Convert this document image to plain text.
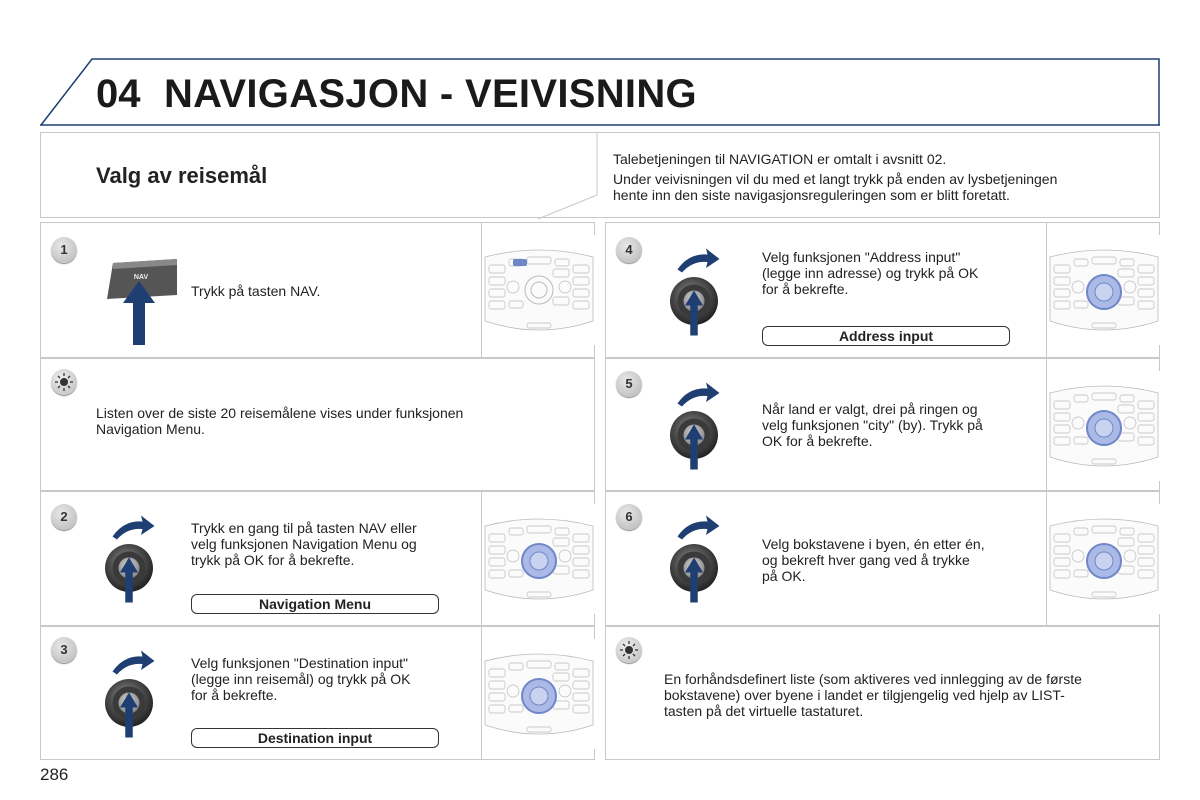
04 NAVIGASJON - VEIVISNING
Valg av reisemål
Talebetjeningen til NAVIGATION er omtalt i avsnitt 02.
Under veivisningen vil du med et langt trykk på enden av lysbetjeningen
hente inn den siste navigasjonsreguleringen som er blitt foretatt.
1
NAV
Trykk på tasten NAV.
Listen over de siste 20 reisemålene vises under funksjonen
Navigation Menu.
2
Trykk en gang til på tasten NAV eller
velg funksjonen Navigation Menu og
trykk på OK for å bekrefte.
Navigation Menu
3
Velg funksjonen "Destination input"
(legge inn reisemål) og trykk på OK
for å bekrefte.
Destination input
4	Velg funksjonen "Address input"
(legge inn adresse) og trykk på OK
for å bekrefte.
Address input
5
Når land er valgt, drei på ringen og
velg funksjonen "city" (by). Trykk på
OK for å bekrefte.
6
Velg bokstavene i byen, én etter én,
og bekreft hver gang ved å trykke
på OK.
En forhåndsdefinert liste (som aktiveres ved innlegging av de første
bokstavene) over byene i landet er tilgjengelig ved hjelp av LIST-
tasten på det virtuelle tastaturet.
286
